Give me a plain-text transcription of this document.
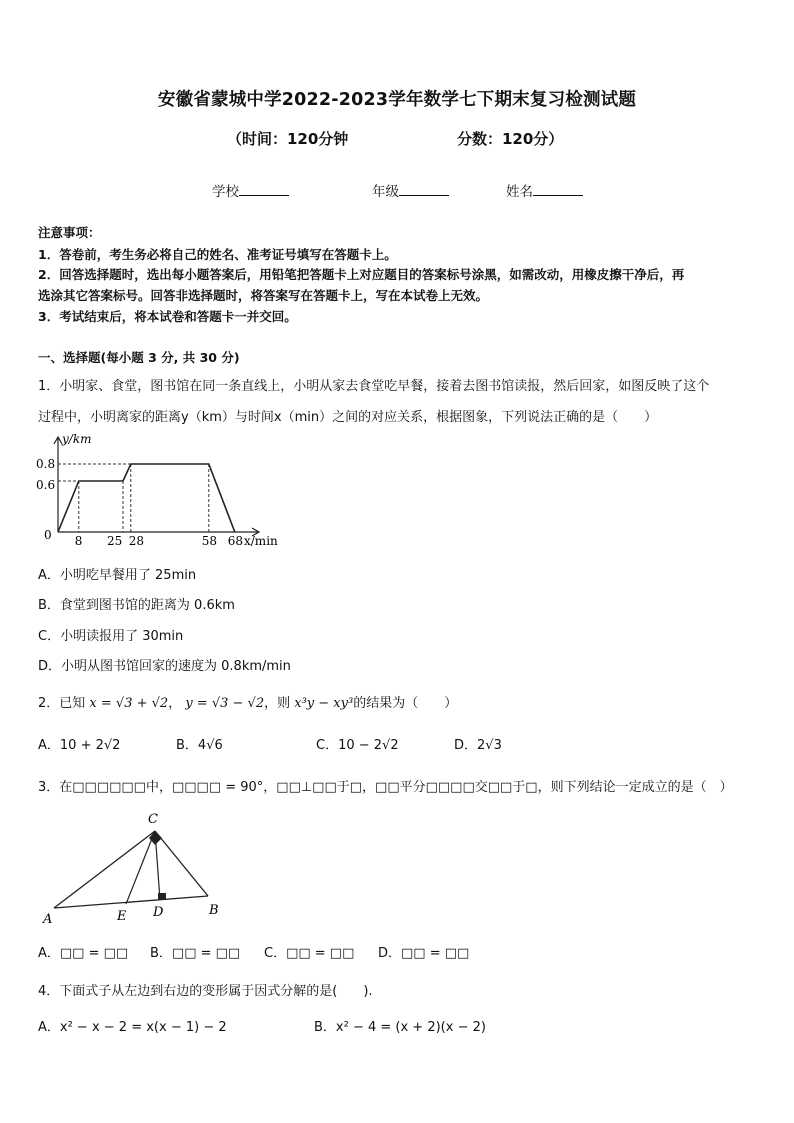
安徽省蒙城中学2022-2023学年数学七下期末复习检测试题
（时间：120分钟	分数：120分）
学校	年级	姓名
注意事项：
1．答卷前，考生务必将自己的姓名、准考证号填写在答题卡上。
2．回答选择题时，选出每小题答案后，用铅笔把答题卡上对应题目的答案标号涂黑，如需改动，用橡皮擦干净后，再
选涂其它答案标号。回答非选择题时，将答案写在答题卡上，写在本试卷上无效。
3．考试结束后，将本试卷和答题卡一并交回。
一、选择题(每小题 3 分, 共 30 分)
1．小明家、食堂，图书馆在同一条直线上，小明从家去食堂吃早餐，接着去图书馆读报，然后回家，如图反映了这个
过程中，小明离家的距离y（km）与时间x（min）之间的对应关系，根据图象，下列说法正确的是（　　）
y/km
x/min
0
0.8
0.6
8 25 28	58 68
A．小明吃早餐用了 25min
B．食堂到图书馆的距离为 0.6km
C．小明读报用了 30min
D．小明从图书馆回家的速度为 0.8km/min
2．已知 x = √3 + √2， y = √3 − √2，则 x³y − xy³的结果为（　　）
A．10 + 2√2	B．4√6	C．10 − 2√2	D．2√3
3．在□□□□□□中，□□□□ = 90°，□□⊥□□于□，□□平分□□□□交□□于□，则下列结论一定成立的是（　）
A
B
C
D
E
A．□□ = □□ B．□□ = □□ C．□□ = □□ D．□□ = □□
4．下面式子从左边到右边的变形属于因式分解的是(　　).
A．x² − x − 2 = x(x − 1) − 2	B．x² − 4 = (x + 2)(x − 2)
